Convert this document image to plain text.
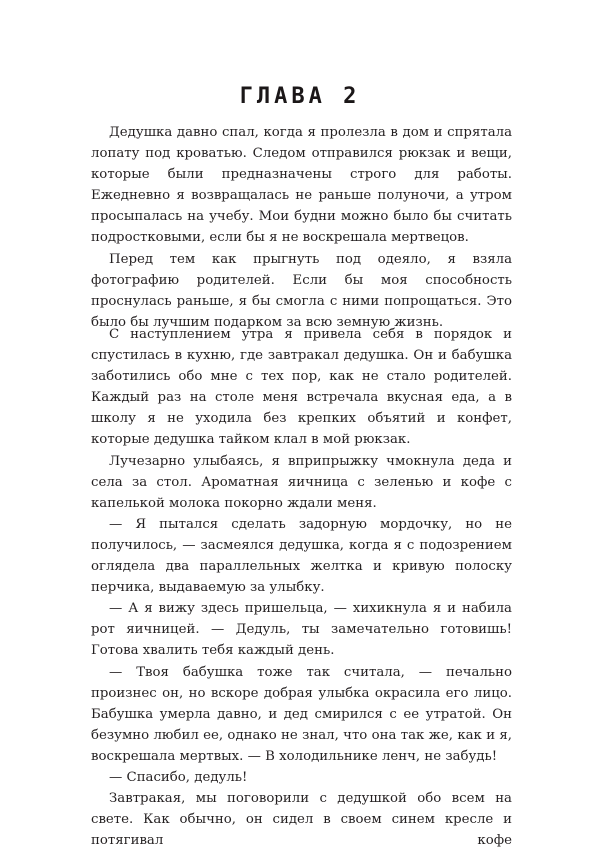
ГЛАВА 2

Дедушка давно спал, когда я пролезла в дом и спрятала лопату под кроватью. Следом отправился рюкзак и вещи, которые были предназначены строго для работы. Ежедневно я возвращалась не раньше полуночи, а утром просыпалась на учебу. Мои будни можно было бы считать подростковыми, если бы я не воскрешала мертвецов.

Перед тем как прыгнуть под одеяло, я взяла фотографию родителей. Если бы моя способность проснулась раньше, я бы смогла с ними попрощаться. Это было бы лучшим подарком за всю земную жизнь.

С наступлением утра я привела себя в порядок и спустилась в кухню, где завтракал дедушка. Он и бабушка заботились обо мне с тех пор, как не стало родителей. Каждый раз на столе меня встречала вкусная еда, а в школу я не уходила без крепких объятий и конфет, которые дедушка тайком клал в мой рюкзак.

Лучезарно улыбаясь, я вприпрыжку чмокнула деда и села за стол. Ароматная яичница с зеленью и кофе с капелькой молока покорно ждали меня.

— Я пытался сделать задорную мордочку, но не получилось, — засмеялся дедушка, когда я с подозрением оглядела два параллельных желтка и кривую полоску перчика, выдаваемую за улыбку.

— А я вижу здесь пришельца, — хихикнула я и набила рот яичницей. — Дедуль, ты замечательно готовишь! Готова хвалить тебя каждый день.

— Твоя бабушка тоже так считала, — печально произнес он, но вскоре добрая улыбка окрасила его лицо. Бабушка умерла давно, и дед смирился с ее утратой. Он безумно любил ее, однако не знал, что она так же, как и я, воскрешала мертвых. — В холодильнике ленч, не забудь!

— Спасибо, дедуль!

Завтракая, мы поговорили с дедушкой обо всем на свете. Как обычно, он сидел в своем синем кресле и потягивал кофе
